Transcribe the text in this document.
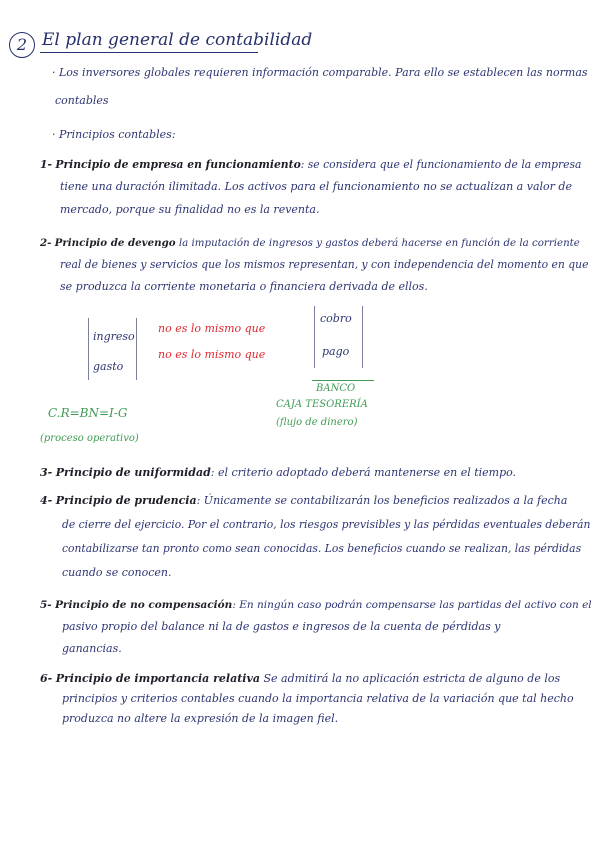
2 El plan general de contabilidad
· Los inversores globales requieren información comparable. Para ello se establecen las normas
contables
· Principios contables:
1- Principio de empresa en funcionamiento: se considera que el funcionamiento de la empresa
tiene una duración ilimitada. Los activos para el funcionamiento no se actualizan a valor de
mercado, porque su finalidad no es la reventa.
2- Principio de devengo la imputación de ingresos y gastos deberá hacerse en función de la corriente
real de bienes y servicios que los mismos representan, y con independencia del momento en que
se produzca la corriente monetaria o financiera derivada de ellos.
ingreso
gasto
no es lo mismo que
no es lo mismo que
cobro
pago
BANCO
CAJA TESORERÍA
(flujo de dinero)
C.R=BN=I-G
(proceso operativo)
3- Principio de uniformidad: el criterio adoptado deberá mantenerse en el tiempo.
4- Principio de prudencia: Únicamente se contabilizarán los beneficios realizados a la fecha
de cierre del ejercicio. Por el contrario, los riesgos previsibles y las pérdidas eventuales deberán
contabilizarse tan pronto como sean conocidas. Los beneficios cuando se realizan, las pérdidas
cuando se conocen.
5- Principio de no compensación: En ningún caso podrán compensarse las partidas del activo con el
pasivo propio del balance ni la de gastos e ingresos de la cuenta de pérdidas y
ganancias.
6- Principio de importancia relativa Se admitirá la no aplicación estricta de alguno de los
principios y criterios contables cuando la importancia relativa de la variación que tal hecho
produzca no altere la expresión de la imagen fiel.
